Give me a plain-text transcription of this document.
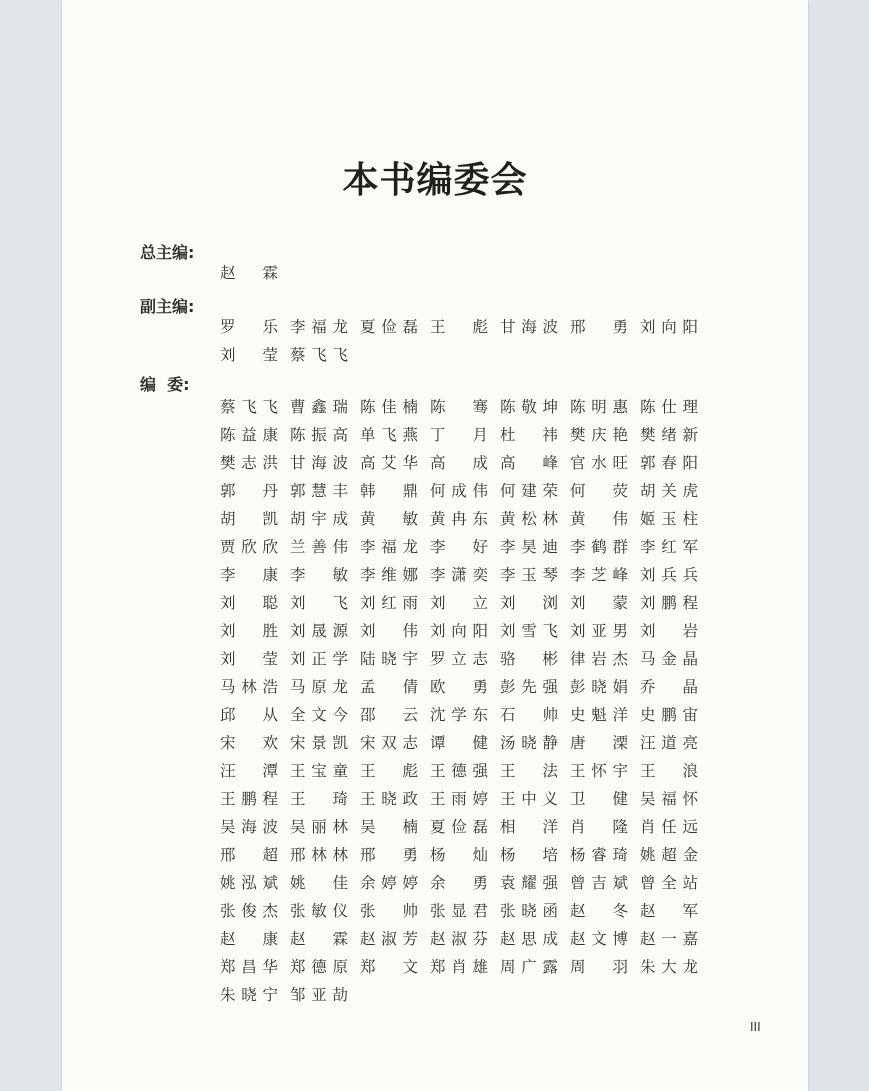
本书编委会
总主编:
赵霖
副主编:
罗乐 李福龙 夏俭磊 王彪 甘海波 邢勇 刘向阳
刘莹 蔡飞飞
编  委:
蔡飞飞 曹鑫瑞 陈佳楠 陈骞 陈敬坤 陈明惠 陈仕理
陈益康 陈振高 单飞燕 丁月 杜祎 樊庆艳 樊绪新
樊志洪 甘海波 高艾华 高成 高峰 官水旺 郭春阳
郭丹 郭慧丰 韩鼎 何成伟 何建荣 何荧 胡关虎
胡凯 胡宇成 黄敏 黄冉东 黄松林 黄伟 姬玉柱
贾欣欣 兰善伟 李福龙 李好 李昊迪 李鹤群 李红军
李康 李敏 李维娜 李潇奕 李玉琴 李芝峰 刘兵兵
刘聪 刘飞 刘红雨 刘立 刘浏 刘蒙 刘鹏程
刘胜 刘晟源 刘伟 刘向阳 刘雪飞 刘亚男 刘岩
刘莹 刘正学 陆晓宇 罗立志 骆彬 律岩杰 马金晶
马林浩 马原龙 孟倩 欧勇 彭先强 彭晓娟 乔晶
邱从 全文今 邵云 沈学东 石帅 史魁洋 史鹏宙
宋欢 宋景凯 宋双志 谭健 汤晓静 唐溧 汪道亮
汪潭 王宝童 王彪 王德强 王法 王怀宇 王浪
王鹏程 王琦 王晓政 王雨婷 王中义 卫健 吴福怀
吴海波 吴丽林 吴楠 夏俭磊 相洋 肖隆 肖任远
邢超 邢林林 邢勇 杨灿 杨培 杨睿琦 姚超金
姚泓斌 姚佳 余婷婷 余勇 袁耀强 曾吉斌 曾全站
张俊杰 张敏仪 张帅 张显君 张晓函 赵冬 赵军
赵康 赵霖 赵淑芳 赵淑芬 赵思成 赵文博 赵一嘉
郑昌华 郑德原 郑文 郑肖雄 周广露 周羽 朱大龙
朱晓宁 邹亚劼
III
